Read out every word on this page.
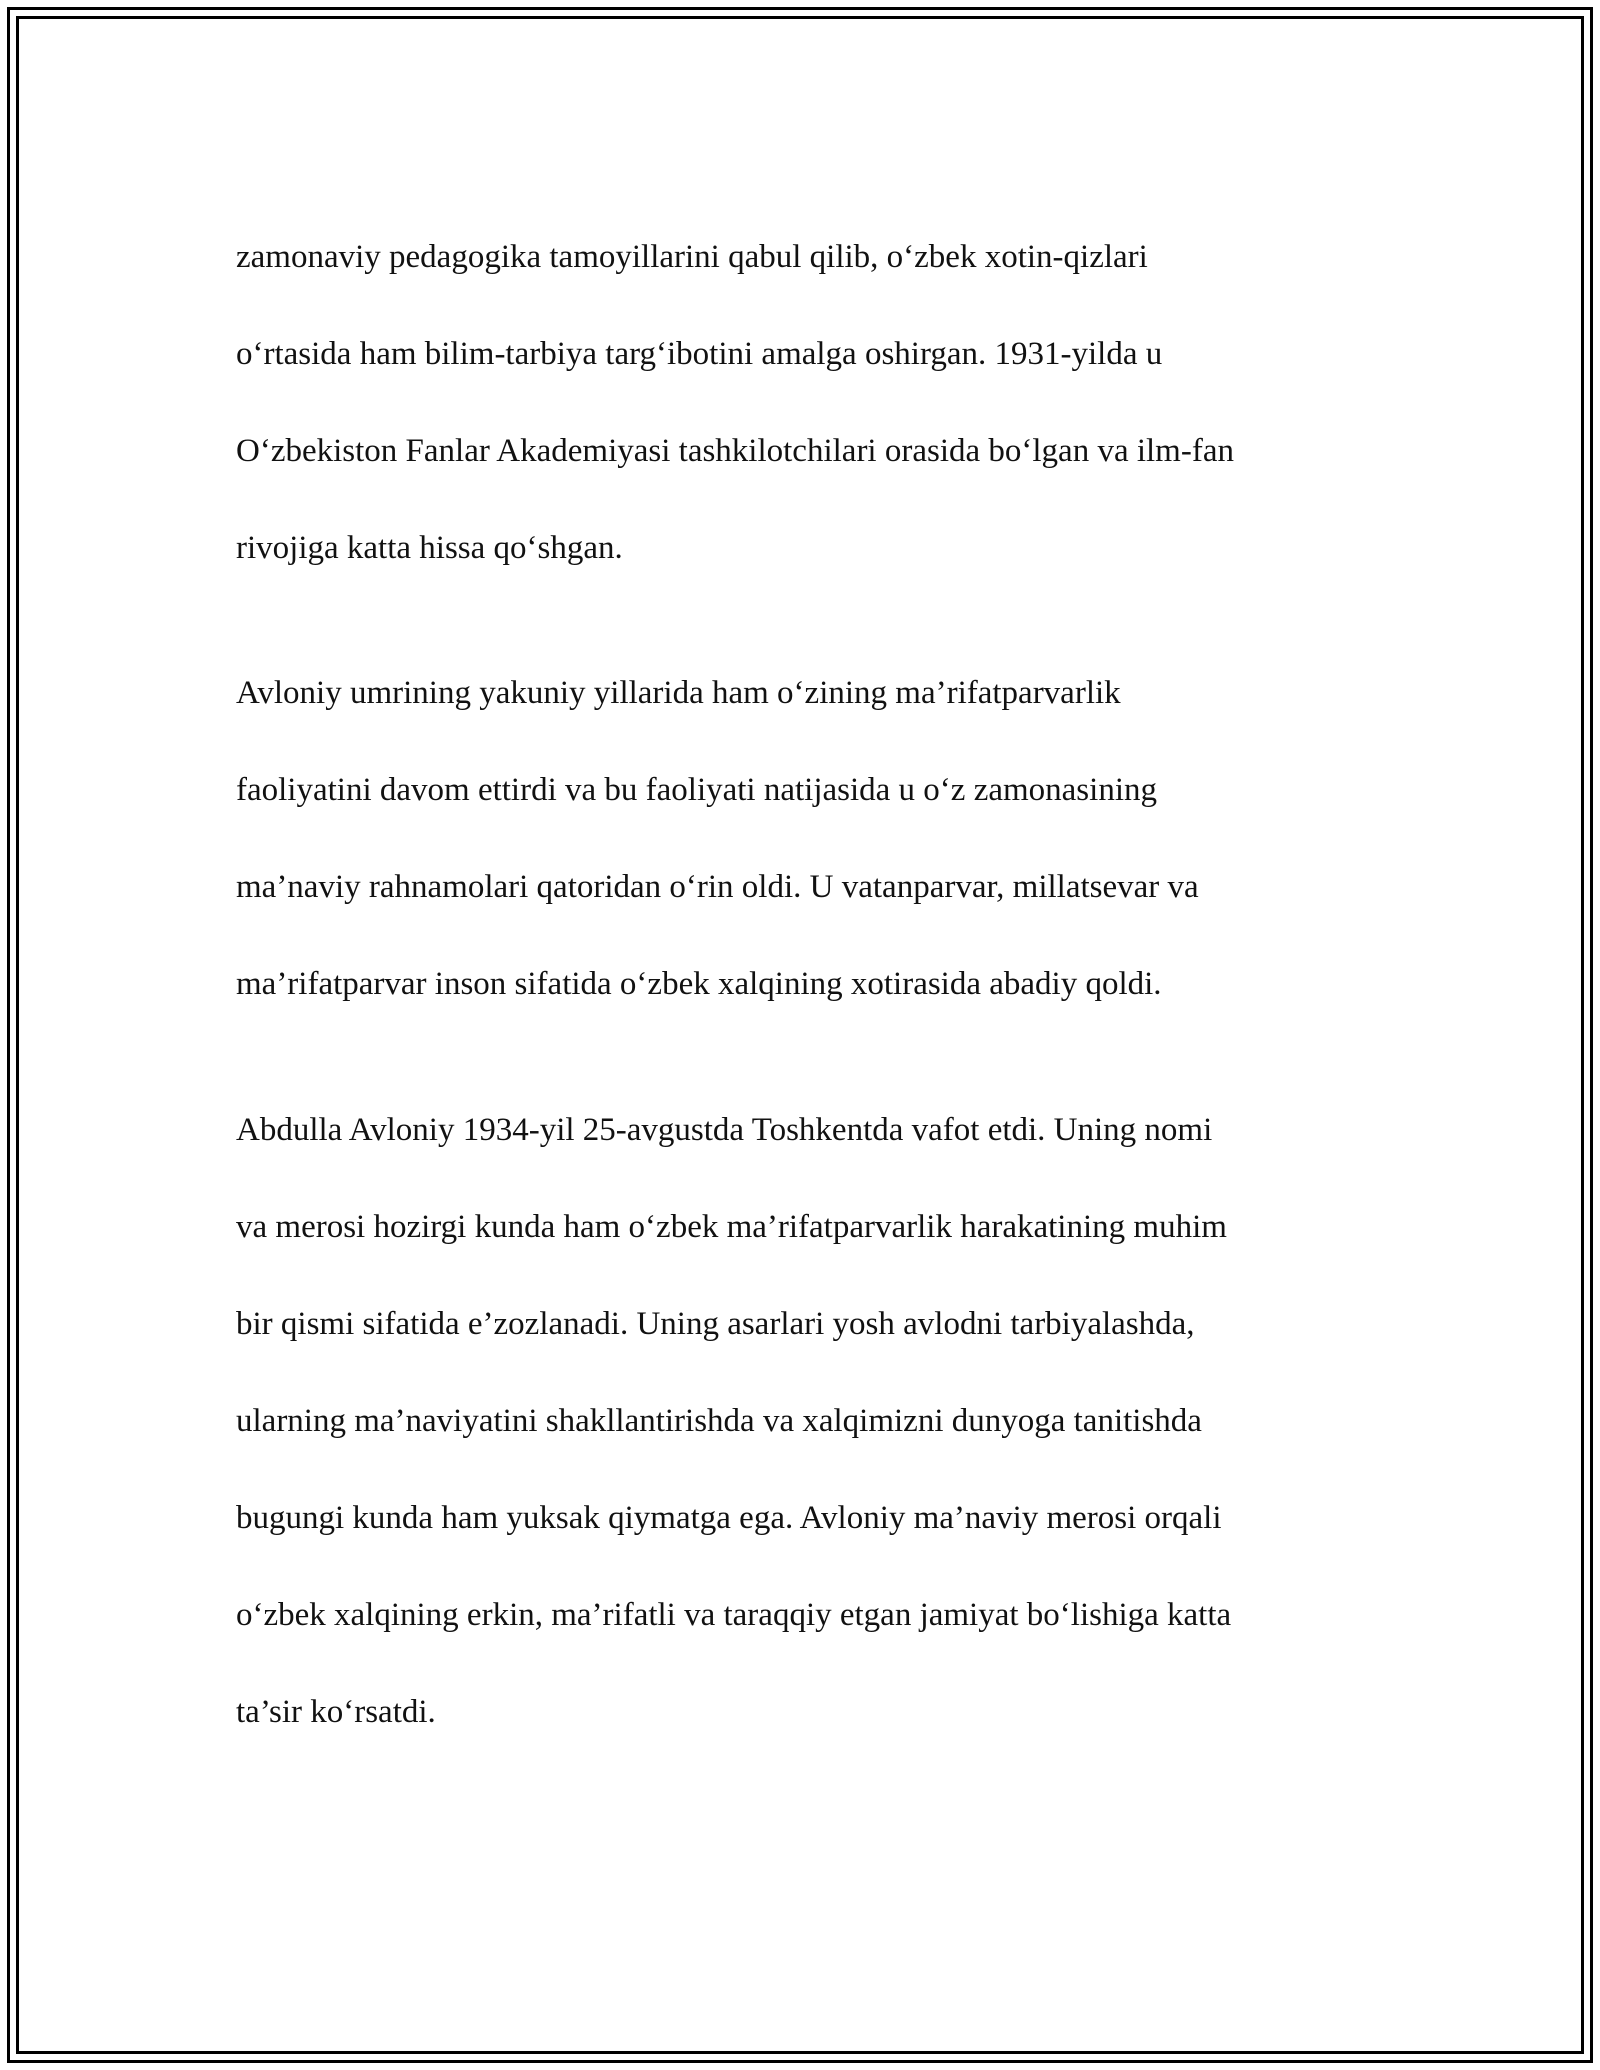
zamonaviy pedagogika tamoyillarini qabul qilib, o‘zbek xotin-qizlari

o‘rtasida ham bilim-tarbiya targ‘ibotini amalga oshirgan. 1931-yilda u

O‘zbekiston Fanlar Akademiyasi tashkilotchilari orasida bo‘lgan va ilm-fan

rivojiga katta hissa qo‘shgan.

Avloniy umrining yakuniy yillarida ham o‘zining ma’rifatparvarlik

faoliyatini davom ettirdi va bu faoliyati natijasida u o‘z zamonasining

ma’naviy rahnamolari qatoridan o‘rin oldi. U vatanparvar, millatsevar va

ma’rifatparvar inson sifatida o‘zbek xalqining xotirasida abadiy qoldi.

Abdulla Avloniy 1934-yil 25-avgustda Toshkentda vafot etdi. Uning nomi

va merosi hozirgi kunda ham o‘zbek ma’rifatparvarlik harakatining muhim

bir qismi sifatida e’zozlanadi. Uning asarlari yosh avlodni tarbiyalashda,

ularning ma’naviyatini shakllantirishda va xalqimizni dunyoga tanitishda

bugungi kunda ham yuksak qiymatga ega. Avloniy ma’naviy merosi orqali

o‘zbek xalqining erkin, ma’rifatli va taraqqiy etgan jamiyat bo‘lishiga katta

ta’sir ko‘rsatdi.
